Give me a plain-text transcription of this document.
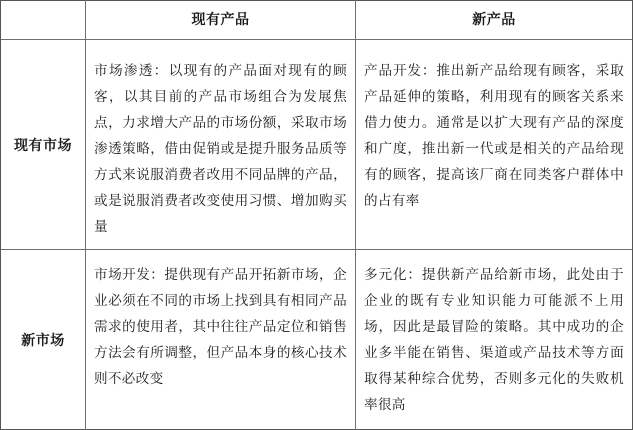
现有产品	新产品
现有市场
市场渗透：以现有的产品面对现有的顾客，以其目前的产品市场组合为发展焦点，力求增大产品的市场份额，采取市场渗透策略，借由促销或是提升服务品质等方式来说服消费者改用不同品牌的产品，或是说服消费者改变使用习惯、增加购买量
产品开发：推出新产品给现有顾客，采取产品延伸的策略，利用现有的顾客关系来借力使力。通常是以扩大现有产品的深度和广度，推出新一代或是相关的产品给现有的顾客，提高该厂商在同类客户群体中的占有率
新市场
市场开发：提供现有产品开拓新市场，企业必须在不同的市场上找到具有相同产品需求的使用者，其中往往产品定位和销售方法会有所调整，但产品本身的核心技术则不必改变
多元化：提供新产品给新市场，此处由于企业的既有专业知识能力可能派不上用场，因此是最冒险的策略。其中成功的企业多半能在销售、渠道或产品技术等方面取得某种综合优势，否则多元化的失败机率很高
